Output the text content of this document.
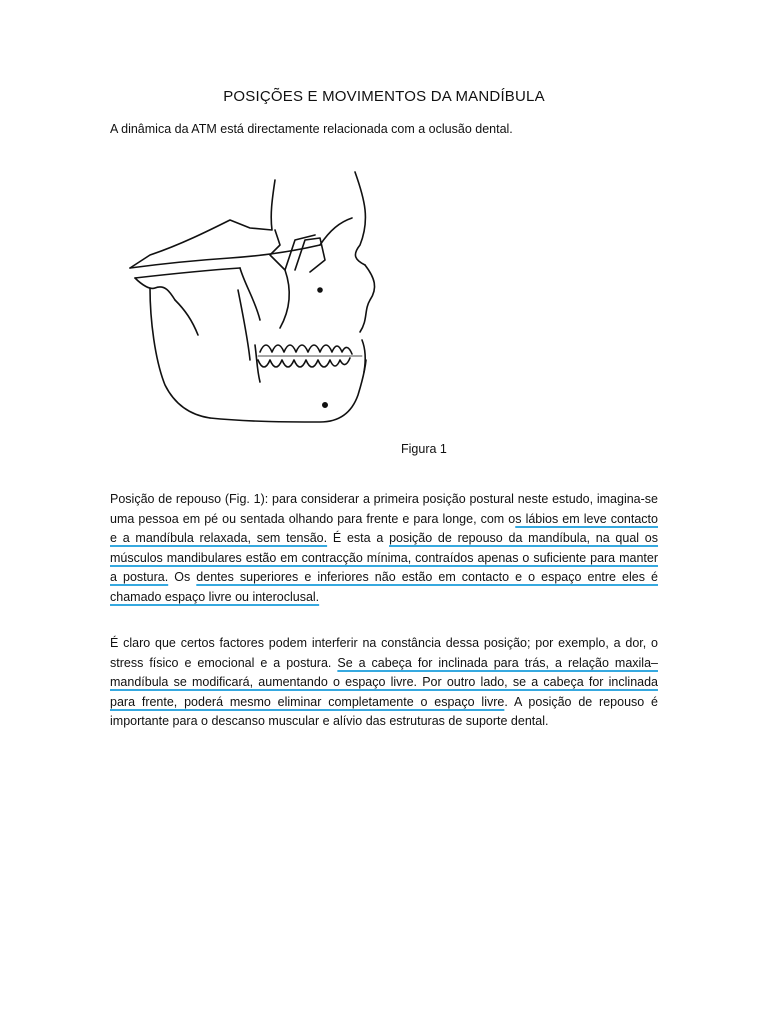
POSIÇÕES E MOVIMENTOS DA MANDÍBULA
A dinâmica da ATM está directamente relacionada com a oclusão dental.
Figura 1
Posição de repouso (Fig. 1): para considerar a primeira posição postural neste estudo, imagina-se uma pessoa em pé ou sentada olhando para frente e para longe, com os lábios em leve contacto e a mandíbula relaxada, sem tensão. É esta a posição de repouso da mandíbula, na qual os músculos mandibulares estão em contracção mínima, contraídos apenas o suficiente para manter a postura. Os dentes superiores e inferiores não estão em contacto e o espaço entre eles é chamado espaço livre ou interoclusal.
É claro que certos factores podem interferir na constância dessa posição; por exemplo, a dor, o stress físico e emocional e a postura. Se a cabeça for inclinada para trás, a relação maxila–mandíbula se modificará, aumentando o espaço livre. Por outro lado, se a cabeça for inclinada para frente, poderá mesmo eliminar completamente o espaço livre. A posição de repouso é importante para o descanso muscular e alívio das estruturas de suporte dental.
